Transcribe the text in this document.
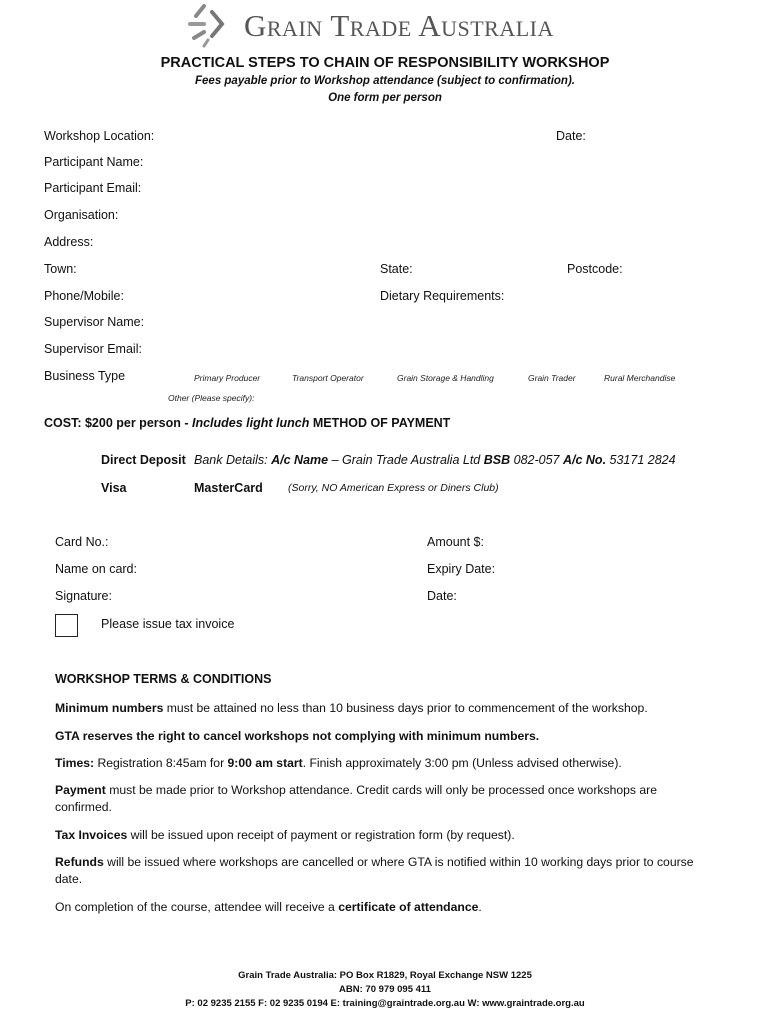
Grain Trade Australia
PRACTICAL STEPS TO CHAIN OF RESPONSIBILITY WORKSHOP
Fees payable prior to Workshop attendance (subject to confirmation).
One form per person
Workshop Location:	Date:
Participant Name:
Participant Email:
Organisation:
Address:
Town:	State:	Postcode:
Phone/Mobile:	Dietary Requirements:
Supervisor Name:
Supervisor Email:
Business Type	Primary Producer	Transport Operator	Grain Storage & Handling	Grain Trader	Rural Merchandise
Other (Please specify):
COST: $200 per person - Includes light lunch METHOD OF PAYMENT
Direct Deposit Bank Details: A/c Name – Grain Trade Australia Ltd BSB 082-057 A/c No. 53171 2824
Visa	MasterCard (Sorry, NO American Express or Diners Club)
Card No.:	Amount $:
Name on card:	Expiry Date:
Signature:	Date:
Please issue tax invoice
WORKSHOP TERMS & CONDITIONS
Minimum numbers must be attained no less than 10 business days prior to commencement of the workshop.
GTA reserves the right to cancel workshops not complying with minimum numbers.
Times: Registration 8:45am for 9:00 am start. Finish approximately 3:00 pm (Unless advised otherwise).
Payment must be made prior to Workshop attendance. Credit cards will only be processed once workshops are confirmed.
Tax Invoices will be issued upon receipt of payment or registration form (by request).
Refunds will be issued where workshops are cancelled or where GTA is notified within 10 working days prior to course date.
On completion of the course, attendee will receive a certificate of attendance.
Grain Trade Australia: PO Box R1829, Royal Exchange NSW 1225
ABN: 70 979 095 411
P: 02 9235 2155 F: 02 9235 0194 E: training@graintrade.org.au W: www.graintrade.org.au
